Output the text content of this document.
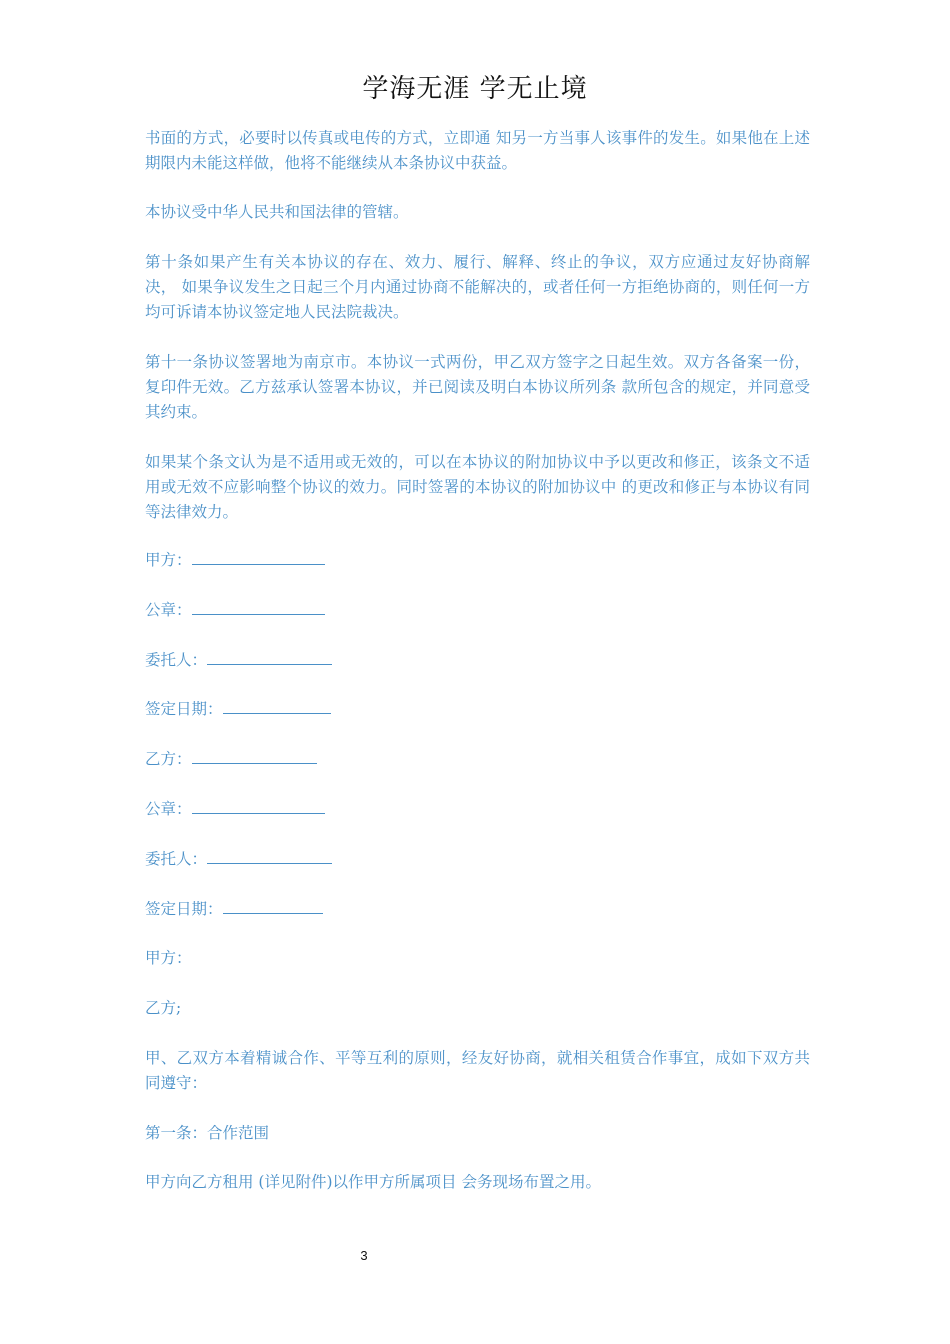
学海无涯 学无止境

书面的方式，必要时以传真或电传的方式，立即通 知另一方当事人该事件的发生。如果他在上述期限内未能这样做，他将不能继续从本条协议中获益。

本协议受中华人民共和国法律的管辖。

第十条如果产生有关本协议的存在、效力、履行、解释、终止的争议，双方应通过友好协商解决， 如果争议发生之日起三个月内通过协商不能解决的，或者任何一方拒绝协商的，则任何一方均可诉请本协议签定地人民法院裁决。

第十一条协议签署地为南京市。本协议一式两份，甲乙双方签字之日起生效。双方各备案一份，复印件无效。乙方兹承认签署本协议，并已阅读及明白本协议所列条 款所包含的规定，并同意受其约束。

如果某个条文认为是不适用或无效的，可以在本协议的附加协议中予以更改和修正，该条文不适用或无效不应影响整个协议的效力。同时签署的本协议的附加协议中 的更改和修正与本协议有同等法律效力。

甲方：
公章：
委托人：
签定日期：
乙方：
公章：
委托人：
签定日期：
甲方：
乙方;

甲、乙双方本着精诚合作、平等互利的原则，经友好协商，就相关租赁合作事宜，成如下双方共 同遵守：

第一条：合作范围
甲方向乙方租用 (详见附件)以作甲方所属项目 会务现场布置之用。
3
